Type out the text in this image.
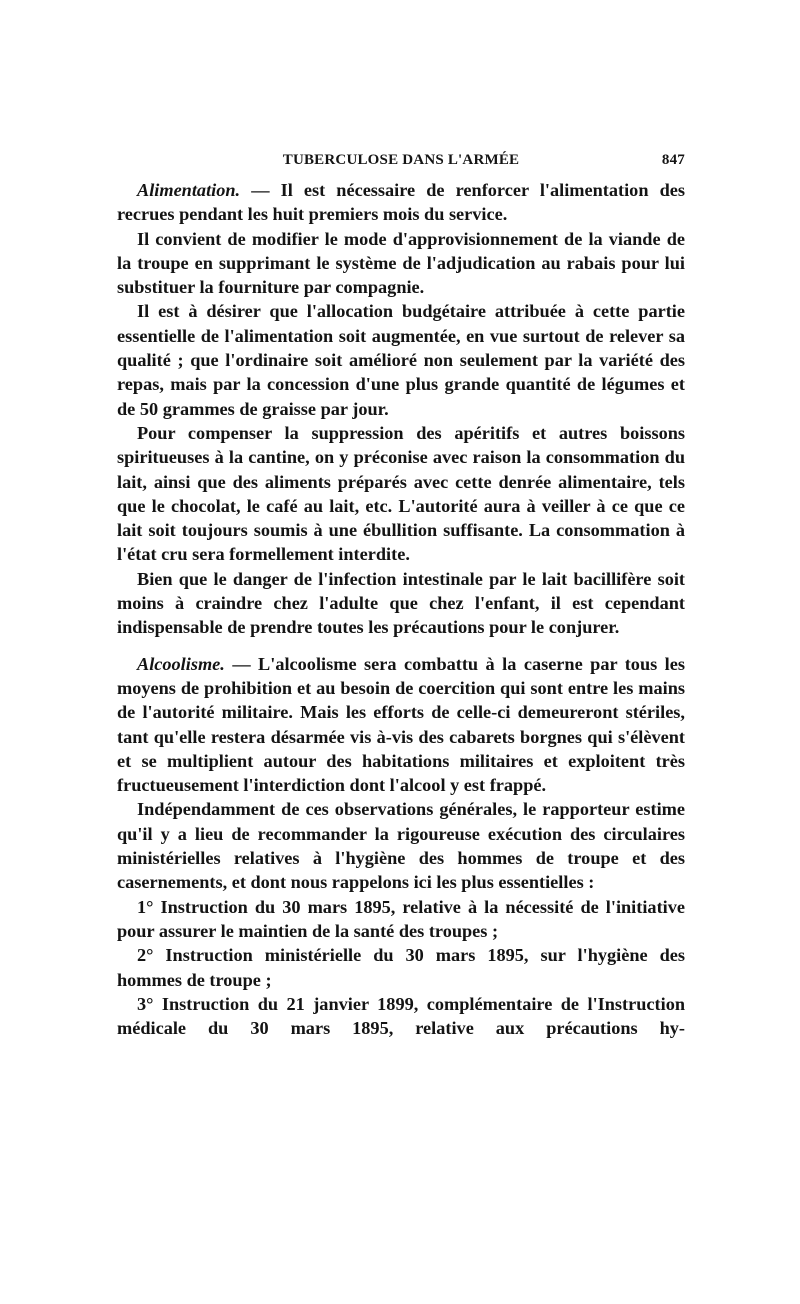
TUBERCULOSE DANS L'ARMÉE	847

Alimentation. — Il est nécessaire de renforcer l'alimentation des recrues pendant les huit premiers mois du service.

Il convient de modifier le mode d'approvisionnement de la viande de la troupe en supprimant le système de l'adjudication au rabais pour lui substituer la fourniture par compagnie.

Il est à désirer que l'allocation budgétaire attribuée à cette partie essentielle de l'alimentation soit augmentée, en vue surtout de relever sa qualité ; que l'ordinaire soit amélioré non seulement par la variété des repas, mais par la concession d'une plus grande quantité de légumes et de 50 grammes de graisse par jour.

Pour compenser la suppression des apéritifs et autres boissons spiritueuses à la cantine, on y préconise avec raison la consommation du lait, ainsi que des aliments préparés avec cette denrée alimentaire, tels que le chocolat, le café au lait, etc. L'autorité aura à veiller à ce que ce lait soit toujours soumis à une ébullition suffisante. La consommation à l'état cru sera formellement interdite.

Bien que le danger de l'infection intestinale par le lait bacillifère soit moins à craindre chez l'adulte que chez l'enfant, il est cependant indispensable de prendre toutes les précautions pour le conjurer.

Alcoolisme. — L'alcoolisme sera combattu à la caserne par tous les moyens de prohibition et au besoin de coercition qui sont entre les mains de l'autorité militaire. Mais les efforts de celle-ci demeureront stériles, tant qu'elle restera désarmée vis à-vis des cabarets borgnes qui s'élèvent et se multiplient autour des habitations militaires et exploitent très fructueusement l'interdiction dont l'alcool y est frappé.

Indépendamment de ces observations générales, le rapporteur estime qu'il y a lieu de recommander la rigoureuse exécution des circulaires ministérielles relatives à l'hygiène des hommes de troupe et des casernements, et dont nous rappelons ici les plus essentielles :

1° Instruction du 30 mars 1895, relative à la nécessité de l'initiative pour assurer le maintien de la santé des troupes ;

2° Instruction ministérielle du 30 mars 1895, sur l'hygiène des hommes de troupe ;

3° Instruction du 21 janvier 1899, complémentaire de l'Instruction médicale du 30 mars 1895, relative aux précautions hy-
